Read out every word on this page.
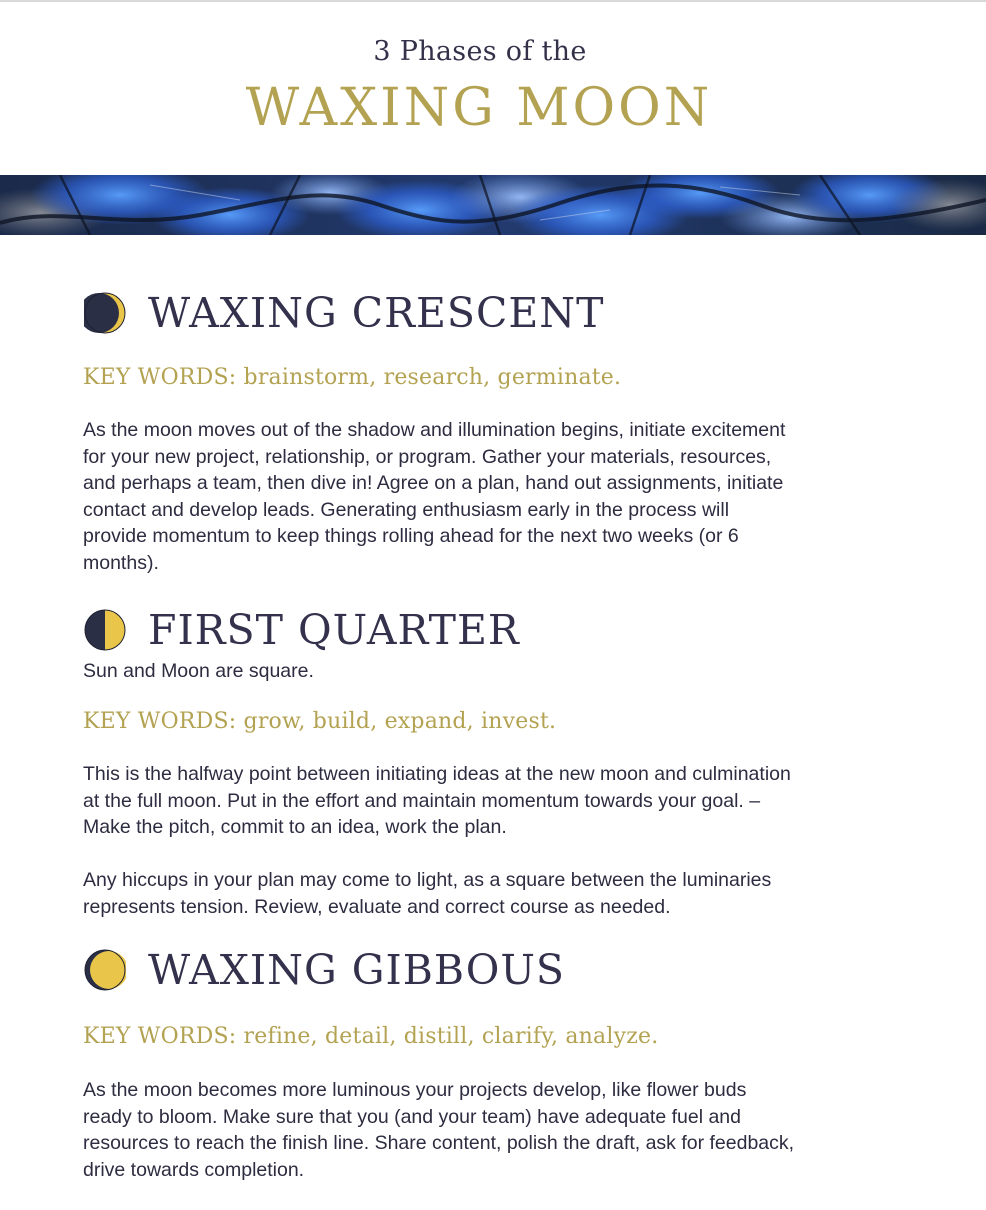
3 Phases of the
WAXING MOON
WAXING CRESCENT
KEY WORDS: brainstorm, research, germinate.
As the moon moves out of the shadow and illumination begins, initiate excitement
for your new project, relationship, or program. Gather your materials, resources,
and perhaps a team, then dive in! Agree on a plan, hand out assignments, initiate
contact and develop leads. Generating enthusiasm early in the process will
provide momentum to keep things rolling ahead for the next two weeks (or 6
months).
FIRST QUARTER
Sun and Moon are square.
KEY WORDS: grow, build, expand, invest.
This is the halfway point between initiating ideas at the new moon and culmination
at the full moon. Put in the effort and maintain momentum towards your goal. –
Make the pitch, commit to an idea, work the plan.
Any hiccups in your plan may come to light, as a square between the luminaries
represents tension. Review, evaluate and correct course as needed.
WAXING GIBBOUS
KEY WORDS: refine, detail, distill, clarify, analyze.
As the moon becomes more luminous your projects develop, like flower buds
ready to bloom. Make sure that you (and your team) have adequate fuel and
resources to reach the finish line. Share content, polish the draft, ask for feedback,
drive towards completion.
